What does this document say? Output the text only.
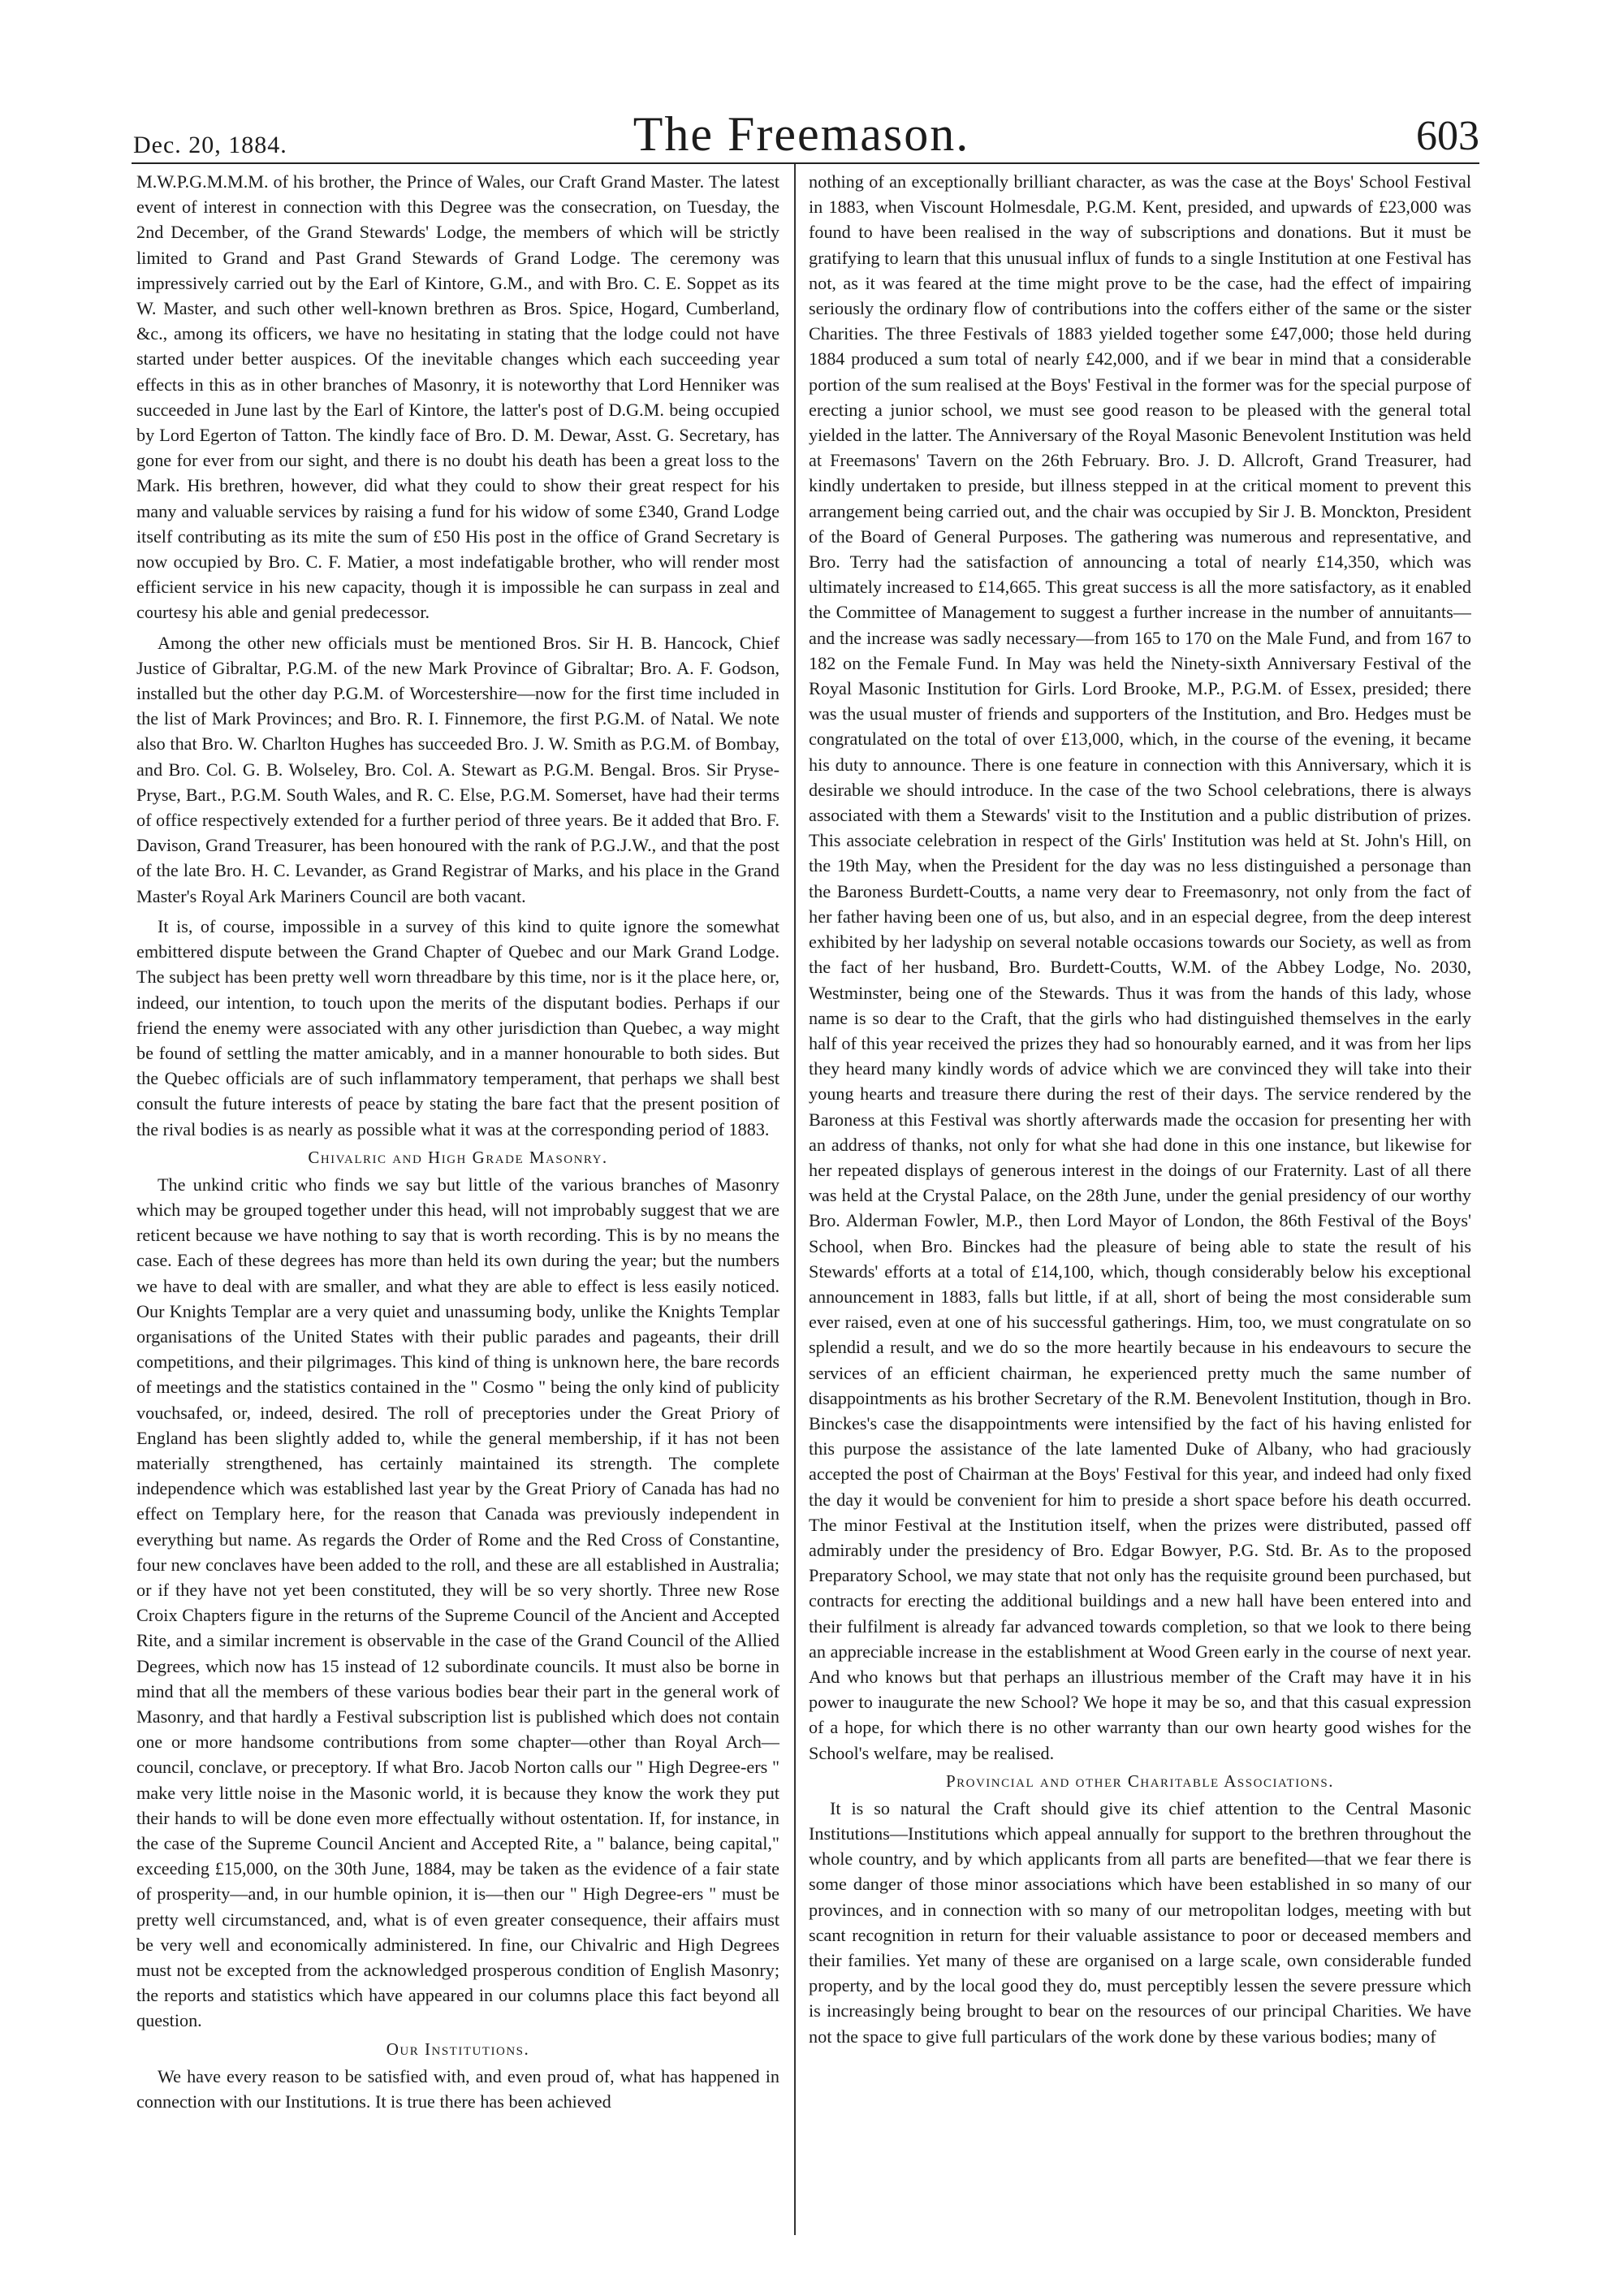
Dec. 20, 1884.	The Freemason.	603

M.W.P.G.M.M.M. of his brother, the Prince of Wales, our Craft Grand Master. The latest event of interest in connection with this Degree was the consecration, on Tuesday, the 2nd December, of the Grand Stewards' Lodge, the members of which will be strictly limited to Grand and Past Grand Stewards of Grand Lodge. The ceremony was impressively carried out by the Earl of Kintore, G.M., and with Bro. C. E. Soppet as its W. Master, and such other well-known brethren as Bros. Spice, Hogard, Cumberland, &c., among its officers, we have no hesitating in stating that the lodge could not have started under better auspices. Of the inevitable changes which each succeeding year effects in this as in other branches of Masonry, it is noteworthy that Lord Henniker was succeeded in June last by the Earl of Kintore, the latter's post of D.G.M. being occupied by Lord Egerton of Tatton. The kindly face of Bro. D. M. Dewar, Asst. G. Secretary, has gone for ever from our sight, and there is no doubt his death has been a great loss to the Mark. His brethren, however, did what they could to show their great respect for his many and valuable services by raising a fund for his widow of some £340, Grand Lodge itself contributing as its mite the sum of £50 His post in the office of Grand Secretary is now occupied by Bro. C. F. Matier, a most indefatigable brother, who will render most efficient service in his new capacity, though it is impossible he can surpass in zeal and courtesy his able and genial predecessor.

Among the other new officials must be mentioned Bros. Sir H. B. Hancock, Chief Justice of Gibraltar, P.G.M. of the new Mark Province of Gibraltar; Bro. A. F. Godson, installed but the other day P.G.M. of Worcestershire—now for the first time included in the list of Mark Provinces; and Bro. R. I. Finnemore, the first P.G.M. of Natal. We note also that Bro. W. Charlton Hughes has succeeded Bro. J. W. Smith as P.G.M. of Bombay, and Bro. Col. G. B. Wolseley, Bro. Col. A. Stewart as P.G.M. Bengal. Bros. Sir Pryse-Pryse, Bart., P.G.M. South Wales, and R. C. Else, P.G.M. Somerset, have had their terms of office respectively extended for a further period of three years. Be it added that Bro. F. Davison, Grand Treasurer, has been honoured with the rank of P.G.J.W., and that the post of the late Bro. H. C. Levander, as Grand Registrar of Marks, and his place in the Grand Master's Royal Ark Mariners Council are both vacant.

It is, of course, impossible in a survey of this kind to quite ignore the somewhat embittered dispute between the Grand Chapter of Quebec and our Mark Grand Lodge. The subject has been pretty well worn threadbare by this time, nor is it the place here, or, indeed, our intention, to touch upon the merits of the disputant bodies. Perhaps if our friend the enemy were associated with any other jurisdiction than Quebec, a way might be found of settling the matter amicably, and in a manner honourable to both sides. But the Quebec officials are of such inflammatory temperament, that perhaps we shall best consult the future interests of peace by stating the bare fact that the present position of the rival bodies is as nearly as possible what it was at the corresponding period of 1883.

Chivalric and High Grade Masonry.

The unkind critic who finds we say but little of the various branches of Masonry which may be grouped together under this head, will not improbably suggest that we are reticent because we have nothing to say that is worth recording. This is by no means the case. Each of these degrees has more than held its own during the year; but the numbers we have to deal with are smaller, and what they are able to effect is less easily noticed. Our Knights Templar are a very quiet and unassuming body, unlike the Knights Templar organisations of the United States with their public parades and pageants, their drill competitions, and their pilgrimages. This kind of thing is unknown here, the bare records of meetings and the statistics contained in the " Cosmo " being the only kind of publicity vouchsafed, or, indeed, desired. The roll of preceptories under the Great Priory of England has been slightly added to, while the general membership, if it has not been materially strengthened, has certainly maintained its strength. The complete independence which was established last year by the Great Priory of Canada has had no effect on Templary here, for the reason that Canada was previously independent in everything but name. As regards the Order of Rome and the Red Cross of Constantine, four new conclaves have been added to the roll, and these are all established in Australia; or if they have not yet been constituted, they will be so very shortly. Three new Rose Croix Chapters figure in the returns of the Supreme Council of the Ancient and Accepted Rite, and a similar increment is observable in the case of the Grand Council of the Allied Degrees, which now has 15 instead of 12 subordinate councils. It must also be borne in mind that all the members of these various bodies bear their part in the general work of Masonry, and that hardly a Festival subscription list is published which does not contain one or more handsome contributions from some chapter—other than Royal Arch—council, conclave, or preceptory. If what Bro. Jacob Norton calls our " High Degree-ers " make very little noise in the Masonic world, it is because they know the work they put their hands to will be done even more effectually without ostentation. If, for instance, in the case of the Supreme Council Ancient and Accepted Rite, a " balance, being capital," exceeding £15,000, on the 30th June, 1884, may be taken as the evidence of a fair state of prosperity—and, in our humble opinion, it is—then our " High Degree-ers " must be pretty well circumstanced, and, what is of even greater consequence, their affairs must be very well and economically administered. In fine, our Chivalric and High Degrees must not be excepted from the acknowledged prosperous condition of English Masonry; the reports and statistics which have appeared in our columns place this fact beyond all question.

Our Institutions.

We have every reason to be satisfied with, and even proud of, what has happened in connection with our Institutions. It is true there has been achieved

nothing of an exceptionally brilliant character, as was the case at the Boys' School Festival in 1883, when Viscount Holmesdale, P.G.M. Kent, presided, and upwards of £23,000 was found to have been realised in the way of subscriptions and donations. But it must be gratifying to learn that this unusual influx of funds to a single Institution at one Festival has not, as it was feared at the time might prove to be the case, had the effect of impairing seriously the ordinary flow of contributions into the coffers either of the same or the sister Charities. The three Festivals of 1883 yielded together some £47,000; those held during 1884 produced a sum total of nearly £42,000, and if we bear in mind that a considerable portion of the sum realised at the Boys' Festival in the former was for the special purpose of erecting a junior school, we must see good reason to be pleased with the general total yielded in the latter. The Anniversary of the Royal Masonic Benevolent Institution was held at Freemasons' Tavern on the 26th February. Bro. J. D. Allcroft, Grand Treasurer, had kindly undertaken to preside, but illness stepped in at the critical moment to prevent this arrangement being carried out, and the chair was occupied by Sir J. B. Monckton, President of the Board of General Purposes. The gathering was numerous and representative, and Bro. Terry had the satisfaction of announcing a total of nearly £14,350, which was ultimately increased to £14,665. This great success is all the more satisfactory, as it enabled the Committee of Management to suggest a further increase in the number of annuitants—and the increase was sadly necessary—from 165 to 170 on the Male Fund, and from 167 to 182 on the Female Fund. In May was held the Ninety-sixth Anniversary Festival of the Royal Masonic Institution for Girls. Lord Brooke, M.P., P.G.M. of Essex, presided; there was the usual muster of friends and supporters of the Institution, and Bro. Hedges must be congratulated on the total of over £13,000, which, in the course of the evening, it became his duty to announce. There is one feature in connection with this Anniversary, which it is desirable we should introduce. In the case of the two School celebrations, there is always associated with them a Stewards' visit to the Institution and a public distribution of prizes. This associate celebration in respect of the Girls' Institution was held at St. John's Hill, on the 19th May, when the President for the day was no less distinguished a personage than the Baroness Burdett-Coutts, a name very dear to Freemasonry, not only from the fact of her father having been one of us, but also, and in an especial degree, from the deep interest exhibited by her ladyship on several notable occasions towards our Society, as well as from the fact of her husband, Bro. Burdett-Coutts, W.M. of the Abbey Lodge, No. 2030, Westminster, being one of the Stewards. Thus it was from the hands of this lady, whose name is so dear to the Craft, that the girls who had distinguished themselves in the early half of this year received the prizes they had so honourably earned, and it was from her lips they heard many kindly words of advice which we are convinced they will take into their young hearts and treasure there during the rest of their days. The service rendered by the Baroness at this Festival was shortly afterwards made the occasion for presenting her with an address of thanks, not only for what she had done in this one instance, but likewise for her repeated displays of generous interest in the doings of our Fraternity. Last of all there was held at the Crystal Palace, on the 28th June, under the genial presidency of our worthy Bro. Alderman Fowler, M.P., then Lord Mayor of London, the 86th Festival of the Boys' School, when Bro. Binckes had the pleasure of being able to state the result of his Stewards' efforts at a total of £14,100, which, though considerably below his exceptional announcement in 1883, falls but little, if at all, short of being the most considerable sum ever raised, even at one of his successful gatherings. Him, too, we must congratulate on so splendid a result, and we do so the more heartily because in his endeavours to secure the services of an efficient chairman, he experienced pretty much the same number of disappointments as his brother Secretary of the R.M. Benevolent Institution, though in Bro. Binckes's case the disappointments were intensified by the fact of his having enlisted for this purpose the assistance of the late lamented Duke of Albany, who had graciously accepted the post of Chairman at the Boys' Festival for this year, and indeed had only fixed the day it would be convenient for him to preside a short space before his death occurred. The minor Festival at the Institution itself, when the prizes were distributed, passed off admirably under the presidency of Bro. Edgar Bowyer, P.G. Std. Br. As to the proposed Preparatory School, we may state that not only has the requisite ground been purchased, but contracts for erecting the additional buildings and a new hall have been entered into and their fulfilment is already far advanced towards completion, so that we look to there being an appreciable increase in the establishment at Wood Green early in the course of next year. And who knows but that perhaps an illustrious member of the Craft may have it in his power to inaugurate the new School? We hope it may be so, and that this casual expression of a hope, for which there is no other warranty than our own hearty good wishes for the School's welfare, may be realised.

Provincial and other Charitable Associations.

It is so natural the Craft should give its chief attention to the Central Masonic Institutions—Institutions which appeal annually for support to the brethren throughout the whole country, and by which applicants from all parts are benefited—that we fear there is some danger of those minor associations which have been established in so many of our provinces, and in connection with so many of our metropolitan lodges, meeting with but scant recognition in return for their valuable assistance to poor or deceased members and their families. Yet many of these are organised on a large scale, own considerable funded property, and by the local good they do, must perceptibly lessen the severe pressure which is increasingly being brought to bear on the resources of our principal Charities. We have not the space to give full particulars of the work done by these various bodies; many of
